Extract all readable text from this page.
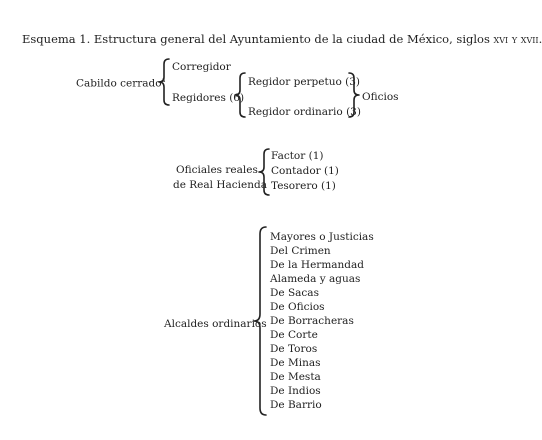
Esquema 1. Estructura general del Ayuntamiento de la ciudad de México, siglos xvi y xvii.
Cabildo cerrado$^a$
Corregidor
Regidores (6)
Regidor perpetuo (3)
Regidor ordinario (3)
Oficios
Oficiales reales
de Real Hacienda
Factor (1)
Contador (1)
Tesorero (1)
Alcaldes ordinarios
Mayores o Justicias
Del Crimen
De la Hermandad
Alameda y aguas
De Sacas
De Oficios
De Borracheras
De Corte
De Toros
De Minas
De Mesta
De Indios
De Barrio
